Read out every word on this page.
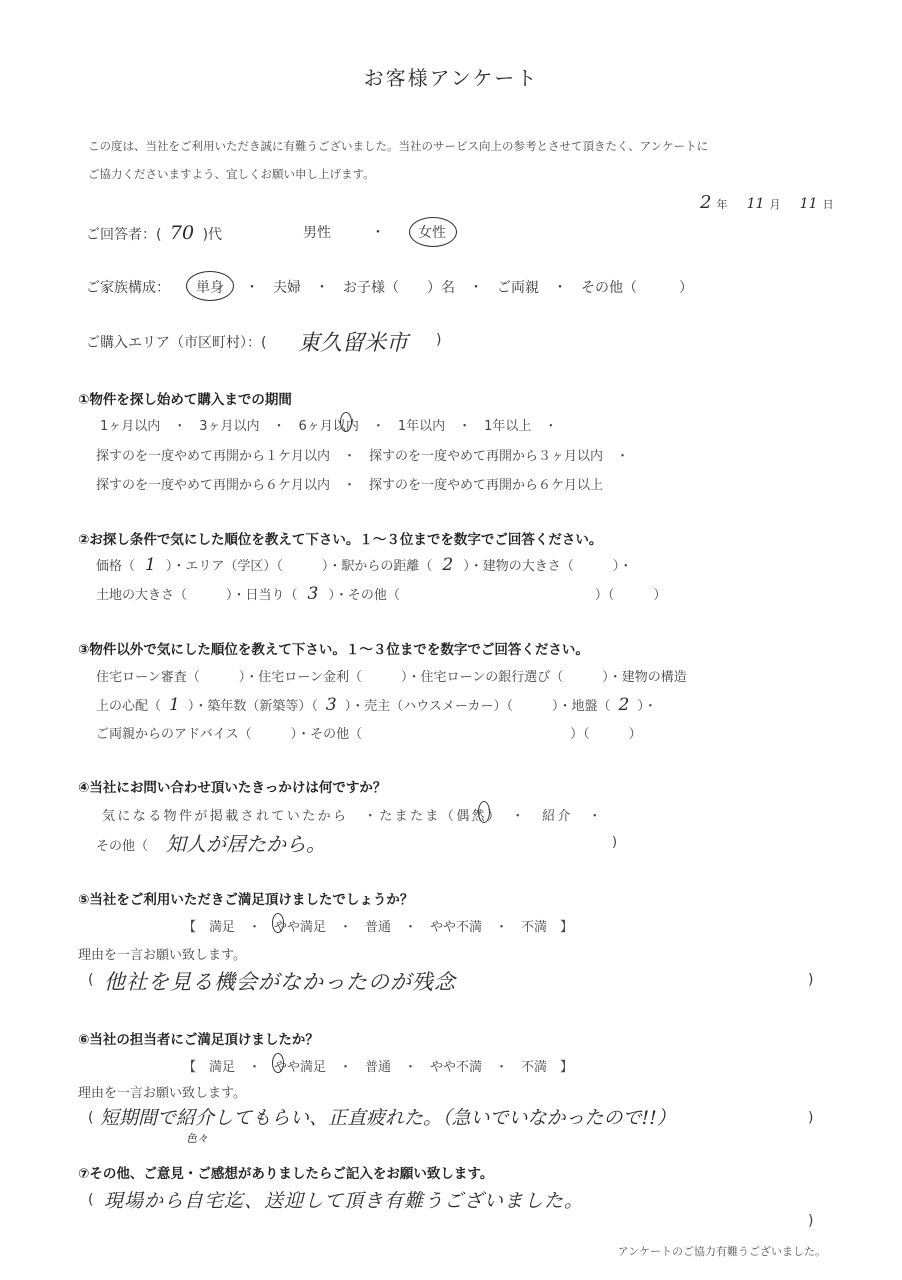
お客様アンケート
この度は、当社をご利用いただき誠に有難うございました。当社のサービス向上の参考とさせて頂きたく、アンケートに
ご協力くださいますよう、宜しくお願い申し上げます。
2 年 11 月 11 日
ご回答者：( 70 )代	男性	・ 女性
ご家族構成： 単身 ・　夫婦　・　お子様（　　）名　・　ご両親　・　その他（　　　）
ご購入エリア（市区町村）：( 東久留米市 )
①物件を探し始めて購入までの期間
1ヶ月以内　・　3ヶ月以内　・　6ヶ月以内　・　1年以内　・　1年以上　・
探すのを一度やめて再開から１ケ月以内　・　探すのを一度やめて再開から３ヶ月以内　・
探すのを一度やめて再開から６ケ月以内　・　探すのを一度やめて再開から６ケ月以上
②お探し条件で気にした順位を教えて下さい。１～３位までを数字でご回答ください。
価格（ 1 ）・エリア（学区）（　　　）・駅からの距離（ 2 ）・建物の大きさ（　　　）・
土地の大きさ（　　　）・日当り（ 3 ）・その他（　　　　　　　　　　　　　　　）（　　　）
③物件以外で気にした順位を教えて下さい。１～３位までを数字でご回答ください。
住宅ローン審査（　　　）・住宅ローン金利（　　　）・住宅ローンの銀行選び（　　　）・建物の構造
上の心配（ 1 ）・築年数（新築等）（ 3 ）・売主（ハウスメーカー）（　　　）・地盤（ 2 ）・
ご両親からのアドバイス（　　　）・その他（　　　　　　　　　　　　　　　　）（　　　）
④当社にお問い合わせ頂いたきっかけは何ですか？
気になる物件が掲載されていたから　・たまたま（偶然）　・　紹介　・
その他（ 知人が居たから。	)
⑤当社をご利用いただきご満足頂けましたでしょうか？
【　満足　・　やや満足　・　普通　・　やや不満　・　不満　】
理由を一言お願い致します。
( 他社を見る機会がなかったのが残念	)
⑥当社の担当者にご満足頂けましたか？
【　満足　・　やや満足　・　普通　・　やや不満　・　不満　】
理由を一言お願い致します。
( 短期間で紹介してもらい、正直疲れた。（急いでいなかったので!!）
色々
)
⑦その他、ご意見・ご感想がありましたらご記入をお願い致します。
( 現場から自宅迄、送迎して頂き有難うございました。
)
アンケートのご協力有難うございました。
